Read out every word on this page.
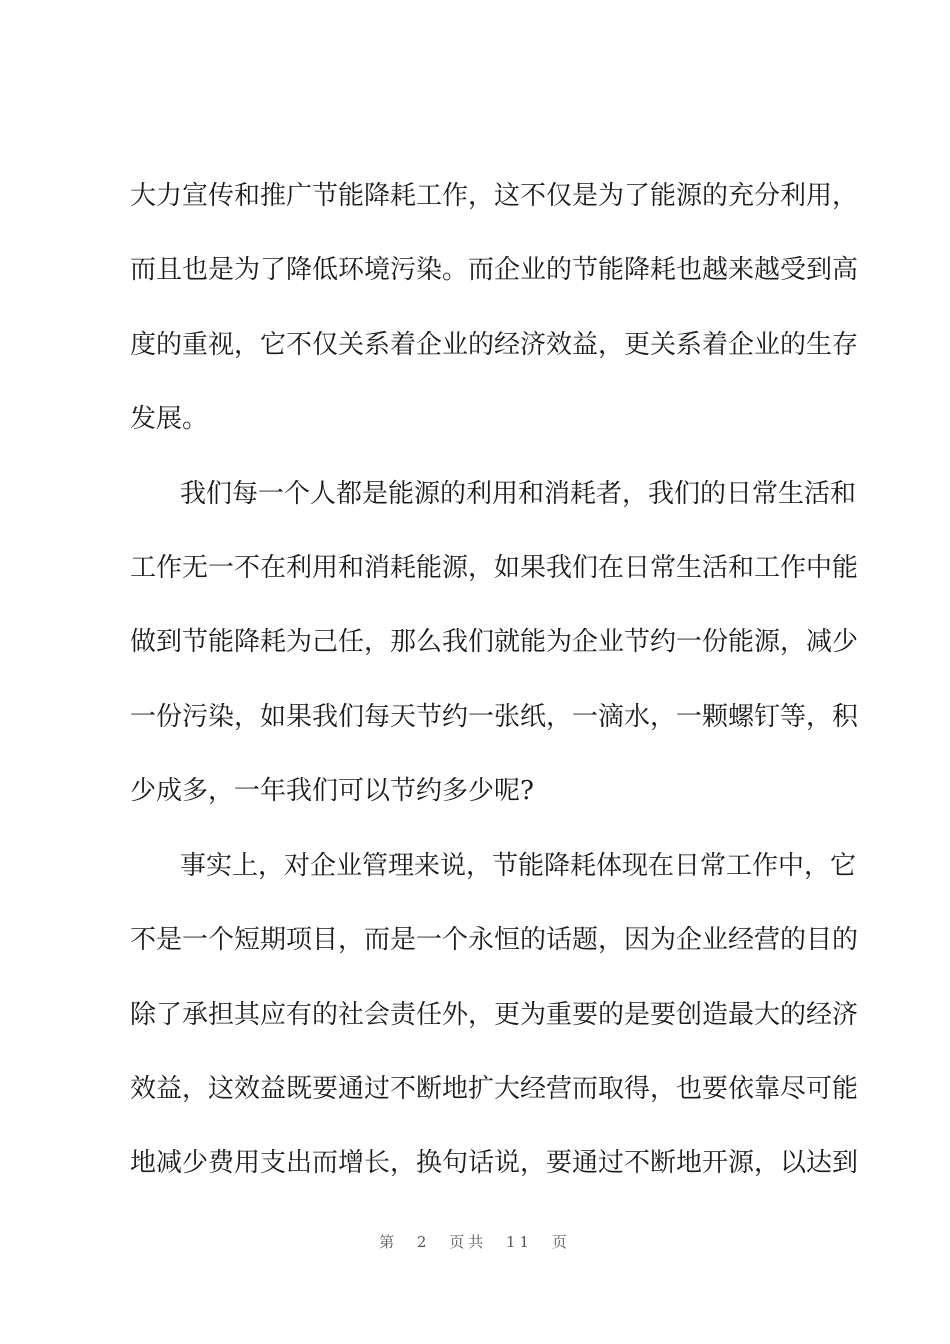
大力宣传和推广节能降耗工作，这不仅是为了能源的充分利用，
而且也是为了降低环境污染。而企业的节能降耗也越来越受到高
度的重视，它不仅关系着企业的经济效益，更关系着企业的生存
发展。
我们每一个人都是能源的利用和消耗者，我们的日常生活和
工作无一不在利用和消耗能源，如果我们在日常生活和工作中能
做到节能降耗为己任，那么我们就能为企业节约一份能源，减少
一份污染，如果我们每天节约一张纸，一滴水，一颗螺钉等，积
少成多，一年我们可以节约多少呢?
事实上，对企业管理来说，节能降耗体现在日常工作中，它
不是一个短期项目，而是一个永恒的话题，因为企业经营的目的
除了承担其应有的社会责任外，更为重要的是要创造最大的经济
效益，这效益既要通过不断地扩大经营而取得，也要依靠尽可能
地减少费用支出而增长，换句话说，要通过不断地开源，以达到
第 2 页共 11 页
